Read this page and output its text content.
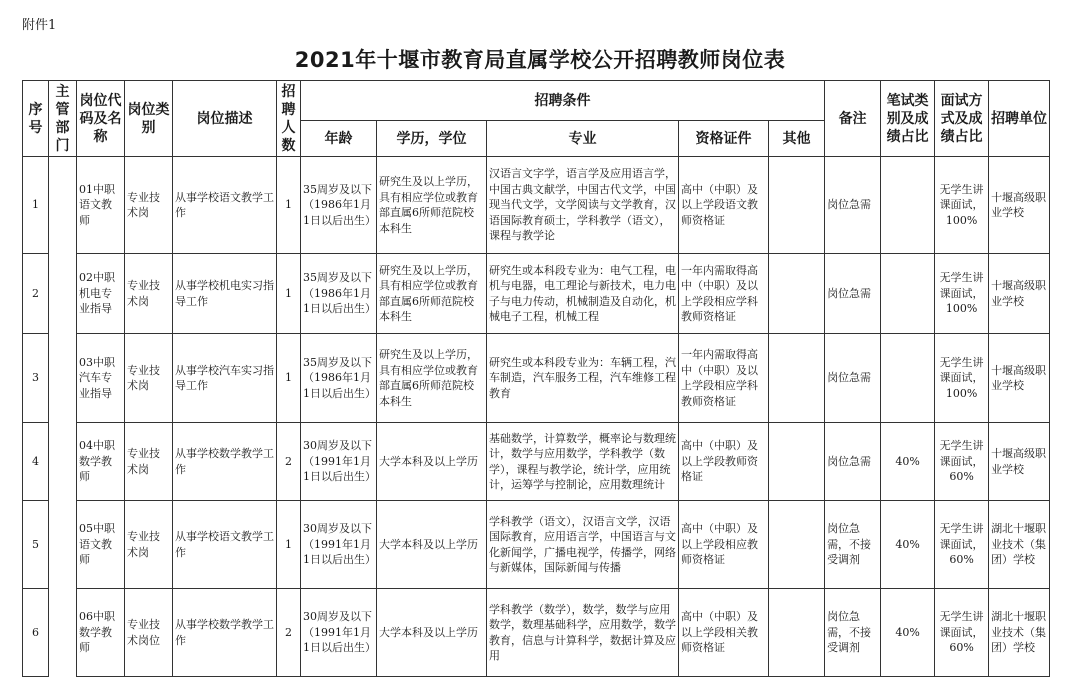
附件1
2021年十堰市教育局直属学校公开招聘教师岗位表
序号	主管部门	岗位代码及名称	岗位类别	岗位描述	招聘人数	招聘条件					备注	笔试类别及成绩占比	面试方式及成绩占比	招聘单位
						年龄	学历，学位	专业	资格证件	其他				
1		01中职语文教师	专业技术岗	从事学校语文教学工作	1	35周岁及以下（1986年1月1日以后出生）	研究生及以上学历，具有相应学位或教育部直属6所师范院校本科生	汉语言文字学，语言学及应用语言学，中国古典文献学，中国古代文学，中国现当代文学，文学阅读与文学教育，汉语国际教育硕士，学科教学（语文），课程与教学论	高中（中职）及以上学段语文教师资格证		岗位急需		无学生讲课面试，100%	十堰高级职业学校
2		02中职机电专业指导	专业技术岗	从事学校机电实习指导工作	1	35周岁及以下（1986年1月1日以后出生）	研究生及以上学历，具有相应学位或教育部直属6所师范院校本科生	研究生或本科段专业为：电气工程，电机与电器，电工理论与新技术，电力电子与电力传动，机械制造及自动化，机械电子工程，机械工程	一年内需取得高中（中职）及以上学段相应学科教师资格证		岗位急需		无学生讲课面试，100%	十堰高级职业学校
3		03中职汽车专业指导	专业技术岗	从事学校汽车实习指导工作	1	35周岁及以下（1986年1月1日以后出生）	研究生及以上学历，具有相应学位或教育部直属6所师范院校本科生	研究生或本科段专业为：车辆工程，汽车制造，汽车服务工程，汽车维修工程教育	一年内需取得高中（中职）及以上学段相应学科教师资格证		岗位急需		无学生讲课面试，100%	十堰高级职业学校
4		04中职数学教师	专业技术岗	从事学校数学教学工作	2	30周岁及以下（1991年1月1日以后出生）	大学本科及以上学历	基础数学，计算数学，概率论与数理统计，数学与应用数学，学科教学（数学），课程与教学论，统计学，应用统计，运筹学与控制论，应用数理统计	高中（中职）及以上学段教师资格证		岗位急需	40%	无学生讲课面试，60%	十堰高级职业学校
5		05中职语文教师	专业技术岗	从事学校语文教学工作	1	30周岁及以下（1991年1月1日以后出生）	大学本科及以上学历	学科教学（语文），汉语言文学，汉语国际教育，应用语言学，中国语言与文化新闻学，广播电视学，传播学，网络与新媒体，国际新闻与传播	高中（中职）及以上学段相应教师资格证		岗位急需，不接受调剂	40%	无学生讲课面试，60%	湖北十堰职业技术（集团）学校
6		06中职数学教师	专业技术岗位	从事学校数学教学工作	2	30周岁及以下（1991年1月1日以后出生）	大学本科及以上学历	学科教学（数学），数学，数学与应用数学，数理基础科学，应用数学，数学教育，信息与计算科学，数据计算及应用	高中（中职）及以上学段相关教师资格证		岗位急需，不接受调剂	40%	无学生讲课面试，60%	湖北十堰职业技术（集团）学校
